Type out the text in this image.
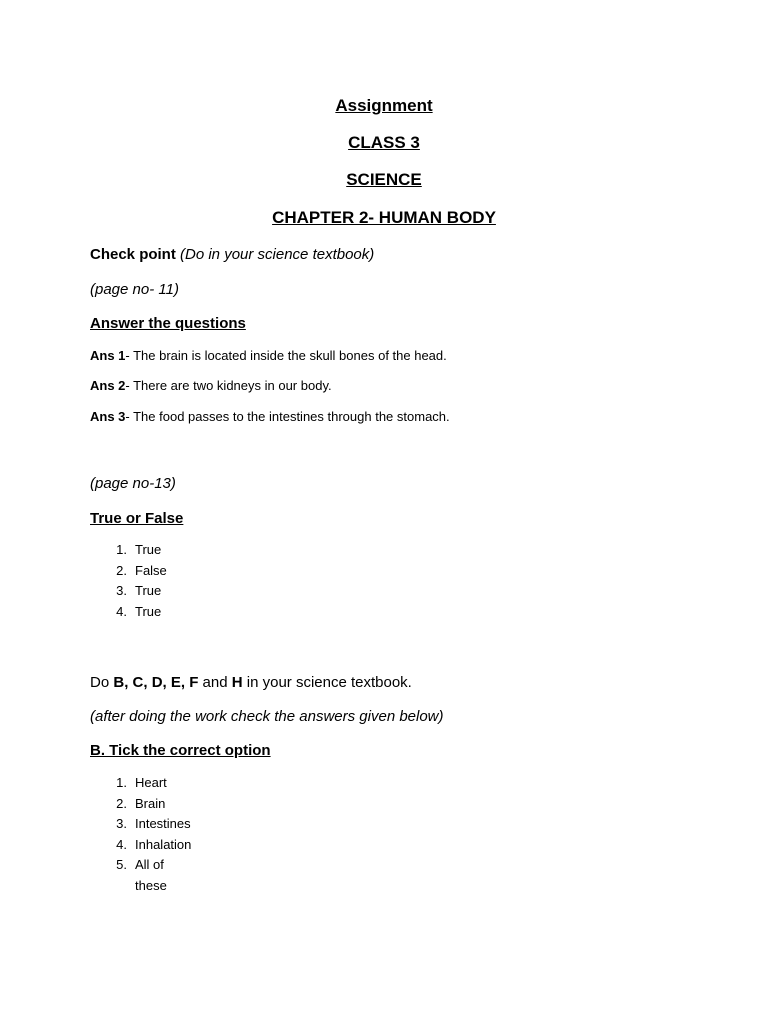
Assignment
CLASS 3
SCIENCE
CHAPTER 2- HUMAN BODY
Check point (Do in your science textbook)
(page no- 11)
Answer the questions
Ans 1- The brain is located inside the skull bones of the head.
Ans 2- There are two kidneys in our body.
Ans 3- The food passes to the intestines through the stomach.
(page no-13)
True or False
1. True
2. False
3. True
4. True
Do B, C, D, E, F and H in your science textbook.
(after doing the work check the answers given below)
B. Tick the correct option
1. Heart
2. Brain
3. Intestines
4. Inhalation
5. All of these
